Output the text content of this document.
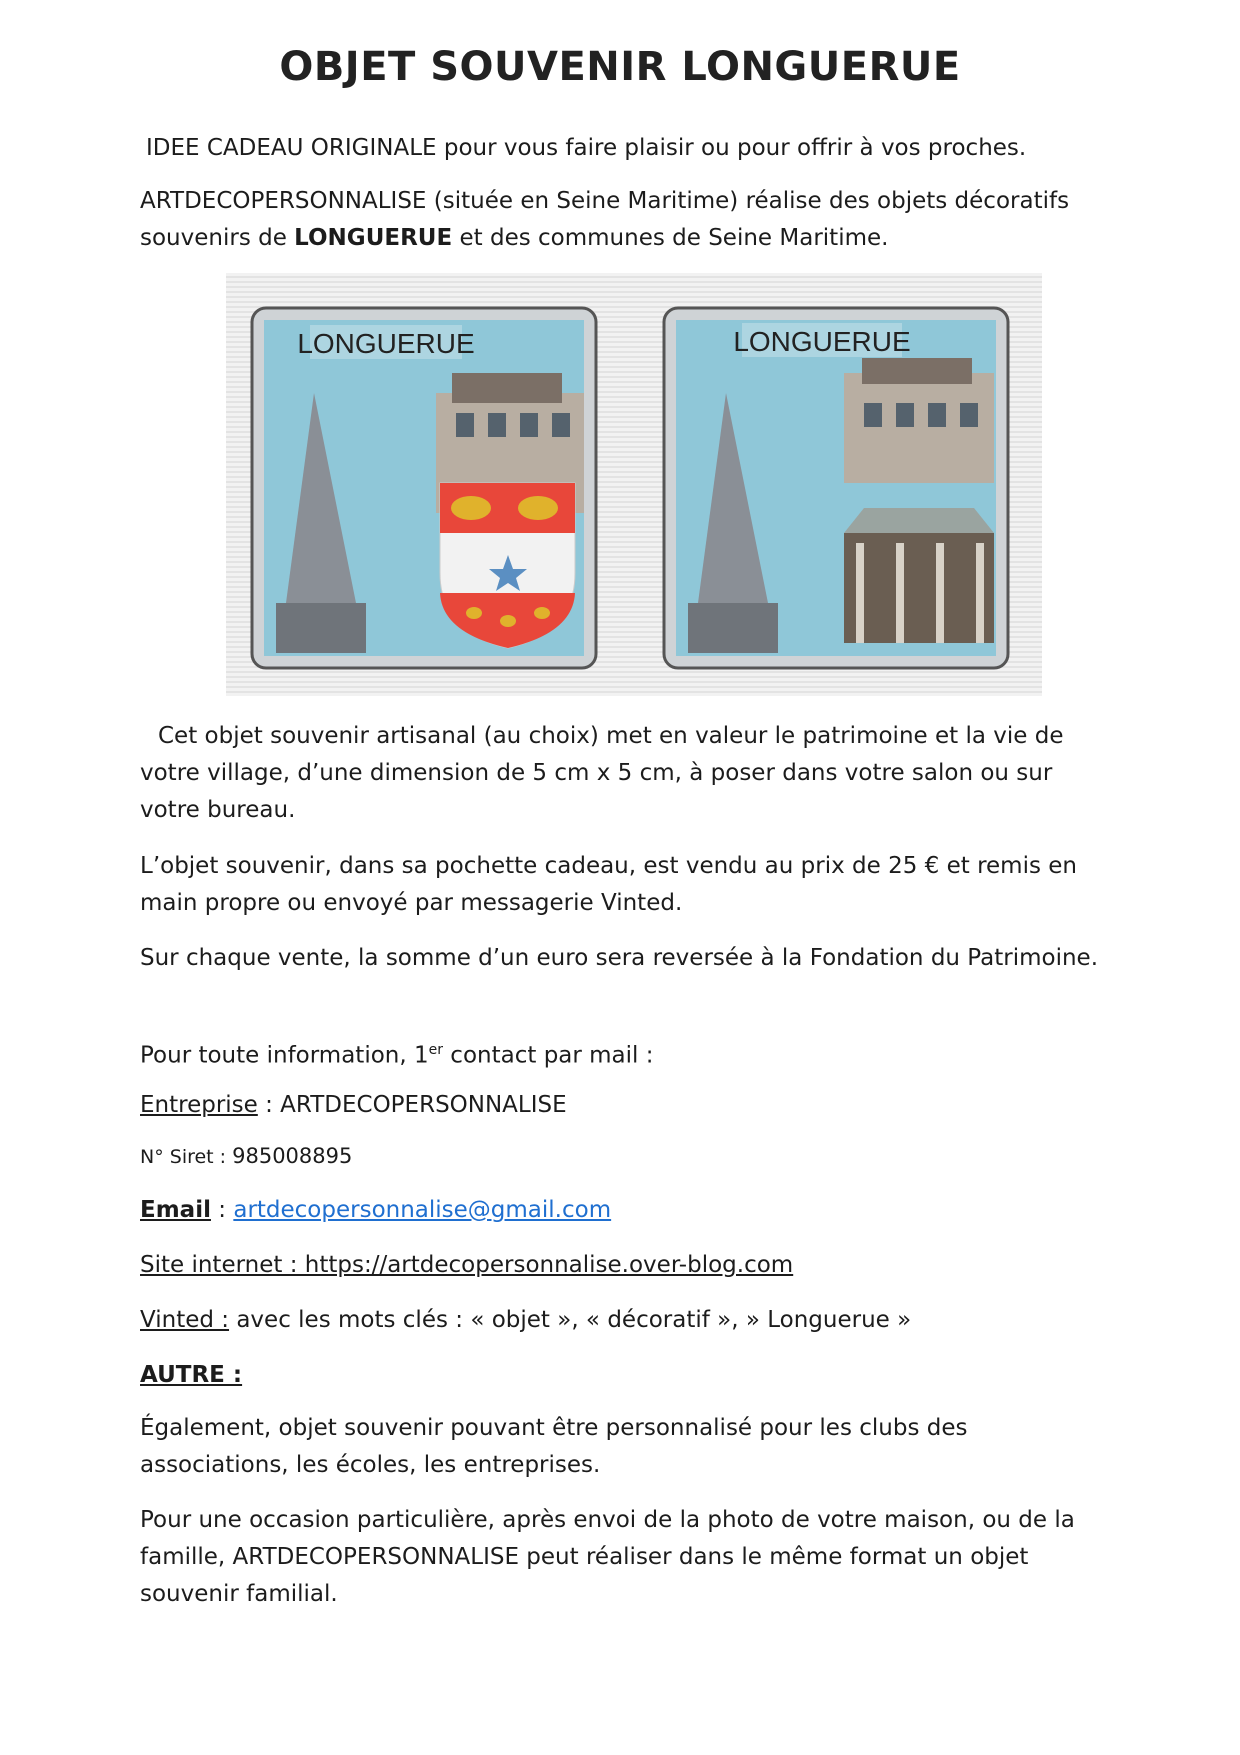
OBJET SOUVENIR LONGUERUE

IDEE CADEAU ORIGINALE pour vous faire plaisir ou pour offrir à vos proches.

ARTDECOPERSONNALISE (située en Seine Maritime) réalise des objets décoratifs souvenirs de LONGUERUE et des communes de Seine Maritime.

LONGUERUE	LONGUERUE

Cet objet souvenir artisanal (au choix) met en valeur le patrimoine et la vie de votre village, d’une dimension de 5 cm x 5 cm, à poser dans votre salon ou sur votre bureau.

L’objet souvenir, dans sa pochette cadeau, est vendu au prix de 25 € et remis en main propre ou envoyé par messagerie Vinted.

Sur chaque vente, la somme d’un euro sera reversée à la Fondation du Patrimoine.

Pour toute information, 1er contact par mail :

Entreprise : ARTDECOPERSONNALISE
N° Siret : 985008895
Email : artdecopersonnalise@gmail.com
Site internet : https://artdecopersonnalise.over-blog.com
Vinted : avec les mots clés : « objet », « décoratif », » Longuerue »
AUTRE :

Également, objet souvenir pouvant être personnalisé pour les clubs des associations, les écoles, les entreprises.

Pour une occasion particulière, après envoi de la photo de votre maison, ou de la famille, ARTDECOPERSONNALISE peut réaliser dans le même format un objet souvenir familial.
